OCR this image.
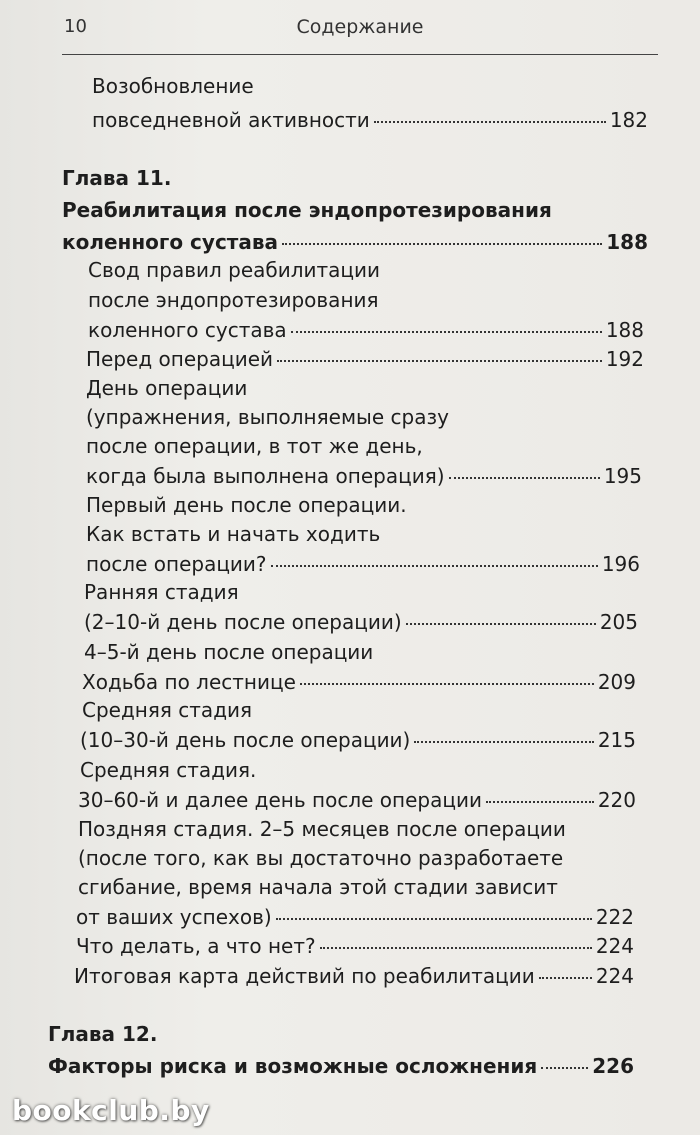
10	Содержание
Возобновление
повседневной активности	182
Глава 11.
Реабилитация после эндопротезирования
коленного сустава	188
Свод правил реабилитации
после эндопротезирования
коленного сустава	188
Перед операцией	192
День операции
(упражнения, выполняемые сразу
после операции, в тот же день,
когда была выполнена операция)	195
Первый день после операции.
Как встать и начать ходить
после операции?	196
Ранняя стадия
(2–10-й день после операции)	205
4–5-й день после операции
Ходьба по лестнице	209
Средняя стадия
(10–30-й день после операции)	215
Средняя стадия.
30–60-й и далее день после операции	220
Поздняя стадия. 2–5 месяцев после операции
(после того, как вы достаточно разработаете
сгибание, время начала этой стадии зависит
от ваших успехов)	222
Что делать, а что нет?	224
Итоговая карта действий по реабилитации	224
Глава 12.
Факторы риска и возможные осложнения	226
bookclub.by
